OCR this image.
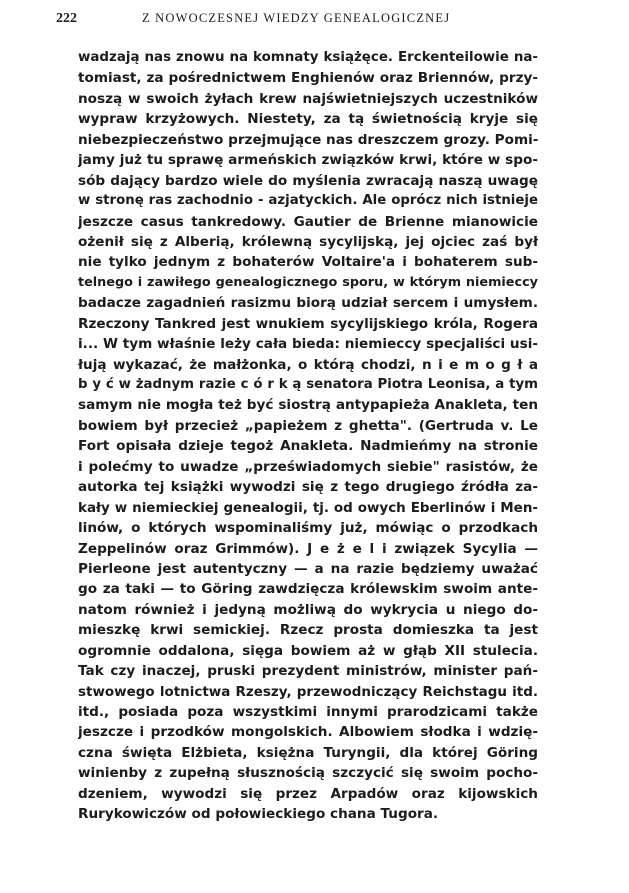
222	Z NOWOCZESNEJ WIEDZY GENEALOGICZNEJ
wadzają nas znowu na komnaty książęce. Erckenteilowie na-
tomiast, za pośrednictwem Enghienów oraz Briennów, przy-
noszą w swoich żyłach krew najświetniejszych uczestników
wypraw krzyżowych. Niestety, za tą świetnością kryje się
niebezpieczeństwo przejmujące nas dreszczem grozy. Pomi-
jamy już tu sprawę armeńskich związków krwi, które w spo-
sób dający bardzo wiele do myślenia zwracają naszą uwagę
w stronę ras zachodnio - azjatyckich. Ale oprócz nich istnieje
jeszcze casus tankredowy. Gautier de Brienne mianowicie
ożenił się z Alberią, królewną sycylijską, jej ojciec zaś był
nie tylko jednym z bohaterów Voltaire'a i bohaterem sub-
telnego i zawiłego genealogicznego sporu, w którym niemieccy
badacze zagadnień rasizmu biorą udział sercem i umysłem.
Rzeczony Tankred jest wnukiem sycylijskiego króla, Rogera
i... W tym właśnie leży cała bieda: niemieccy specjaliści usi-
łują wykazać, że małżonka, o którą chodzi, n i e m o g ł a
b y ć w żadnym razie c ó r k ą senatora Piotra Leonisa, a tym
samym nie mogła też być siostrą antypapieża Anakleta, ten
bowiem był przecież „papieżem z ghetta". (Gertruda v. Le
Fort opisała dzieje tegoż Anakleta. Nadmieńmy na stronie
i polećmy to uwadze „przeświadomych siebie" rasistów, że
autorka tej książki wywodzi się z tego drugiego źródła za-
kały w niemieckiej genealogii, tj. od owych Eberlinów i Men-
linów, o których wspominaliśmy już, mówiąc o przodkach
Zeppelinów oraz Grimmów). J e ż e l i związek Sycylia —
Pierleone jest autentyczny — a na razie będziemy uważać
go za taki — to Göring zawdzięcza królewskim swoim ante-
natom również i jedyną możliwą do wykrycia u niego do-
mieszkę krwi semickiej. Rzecz prosta domieszka ta jest
ogromnie oddalona, sięga bowiem aż w głąb XII stulecia.
Tak czy inaczej, pruski prezydent ministrów, minister pań-
stwowego lotnictwa Rzeszy, przewodniczący Reichstagu itd.
itd., posiada poza wszystkimi innymi prarodzicami także
jeszcze i przodków mongolskich. Albowiem słodka i wdzię-
czna święta Elżbieta, księżna Turyngii, dla której Göring
winienby z zupełną słusznością szczycić się swoim pocho-
dzeniem, wywodzi się przez Arpadów oraz kijowskich
Rurykowiczów od połowieckiego chana Tugora.
